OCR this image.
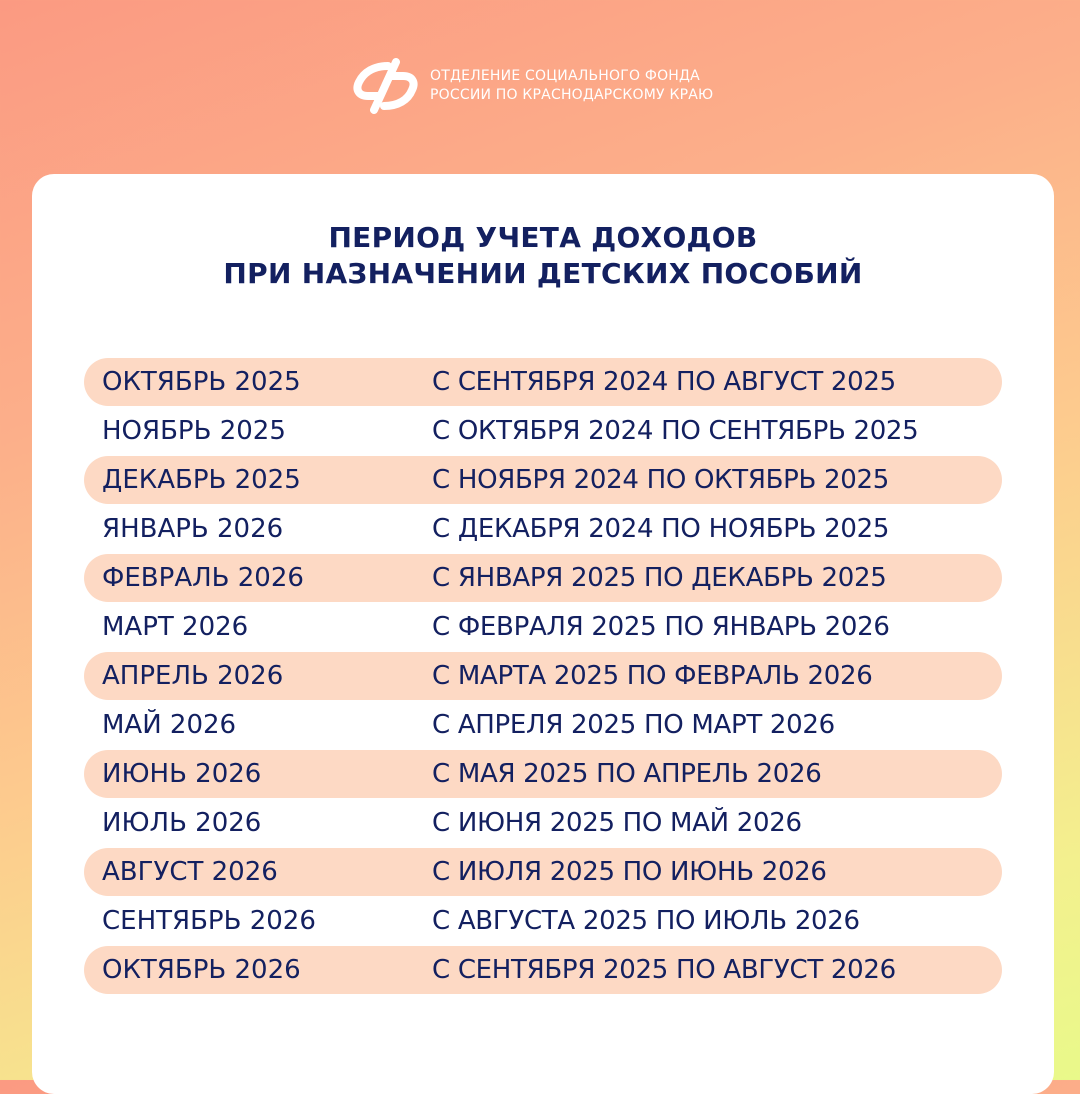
ОТДЕЛЕНИЕ СОЦИАЛЬНОГО ФОНДА
РОССИИ ПО КРАСНОДАРСКОМУ КРАЮ
ПЕРИОД УЧЕТА ДОХОДОВ
ПРИ НАЗНАЧЕНИИ ДЕТСКИХ ПОСОБИЙ
ОКТЯБРЬ 2025	С СЕНТЯБРЯ 2024 ПО АВГУСТ 2025
НОЯБРЬ 2025	С ОКТЯБРЯ 2024 ПО СЕНТЯБРЬ 2025
ДЕКАБРЬ 2025	С НОЯБРЯ 2024 ПО ОКТЯБРЬ 2025
ЯНВАРЬ 2026	С ДЕКАБРЯ 2024 ПО НОЯБРЬ 2025
ФЕВРАЛЬ 2026	С ЯНВАРЯ 2025 ПО ДЕКАБРЬ 2025
МАРТ 2026	С ФЕВРАЛЯ 2025 ПО ЯНВАРЬ 2026
АПРЕЛЬ 2026	С МАРТА 2025 ПО ФЕВРАЛЬ 2026
МАЙ 2026	С АПРЕЛЯ 2025 ПО МАРТ 2026
ИЮНЬ 2026	С МАЯ 2025 ПО АПРЕЛЬ 2026
ИЮЛЬ 2026	С ИЮНЯ 2025 ПО МАЙ 2026
АВГУСТ 2026	С ИЮЛЯ 2025 ПО ИЮНЬ 2026
СЕНТЯБРЬ 2026	С АВГУСТА 2025 ПО ИЮЛЬ 2026
ОКТЯБРЬ 2026	С СЕНТЯБРЯ 2025 ПО АВГУСТ 2026
